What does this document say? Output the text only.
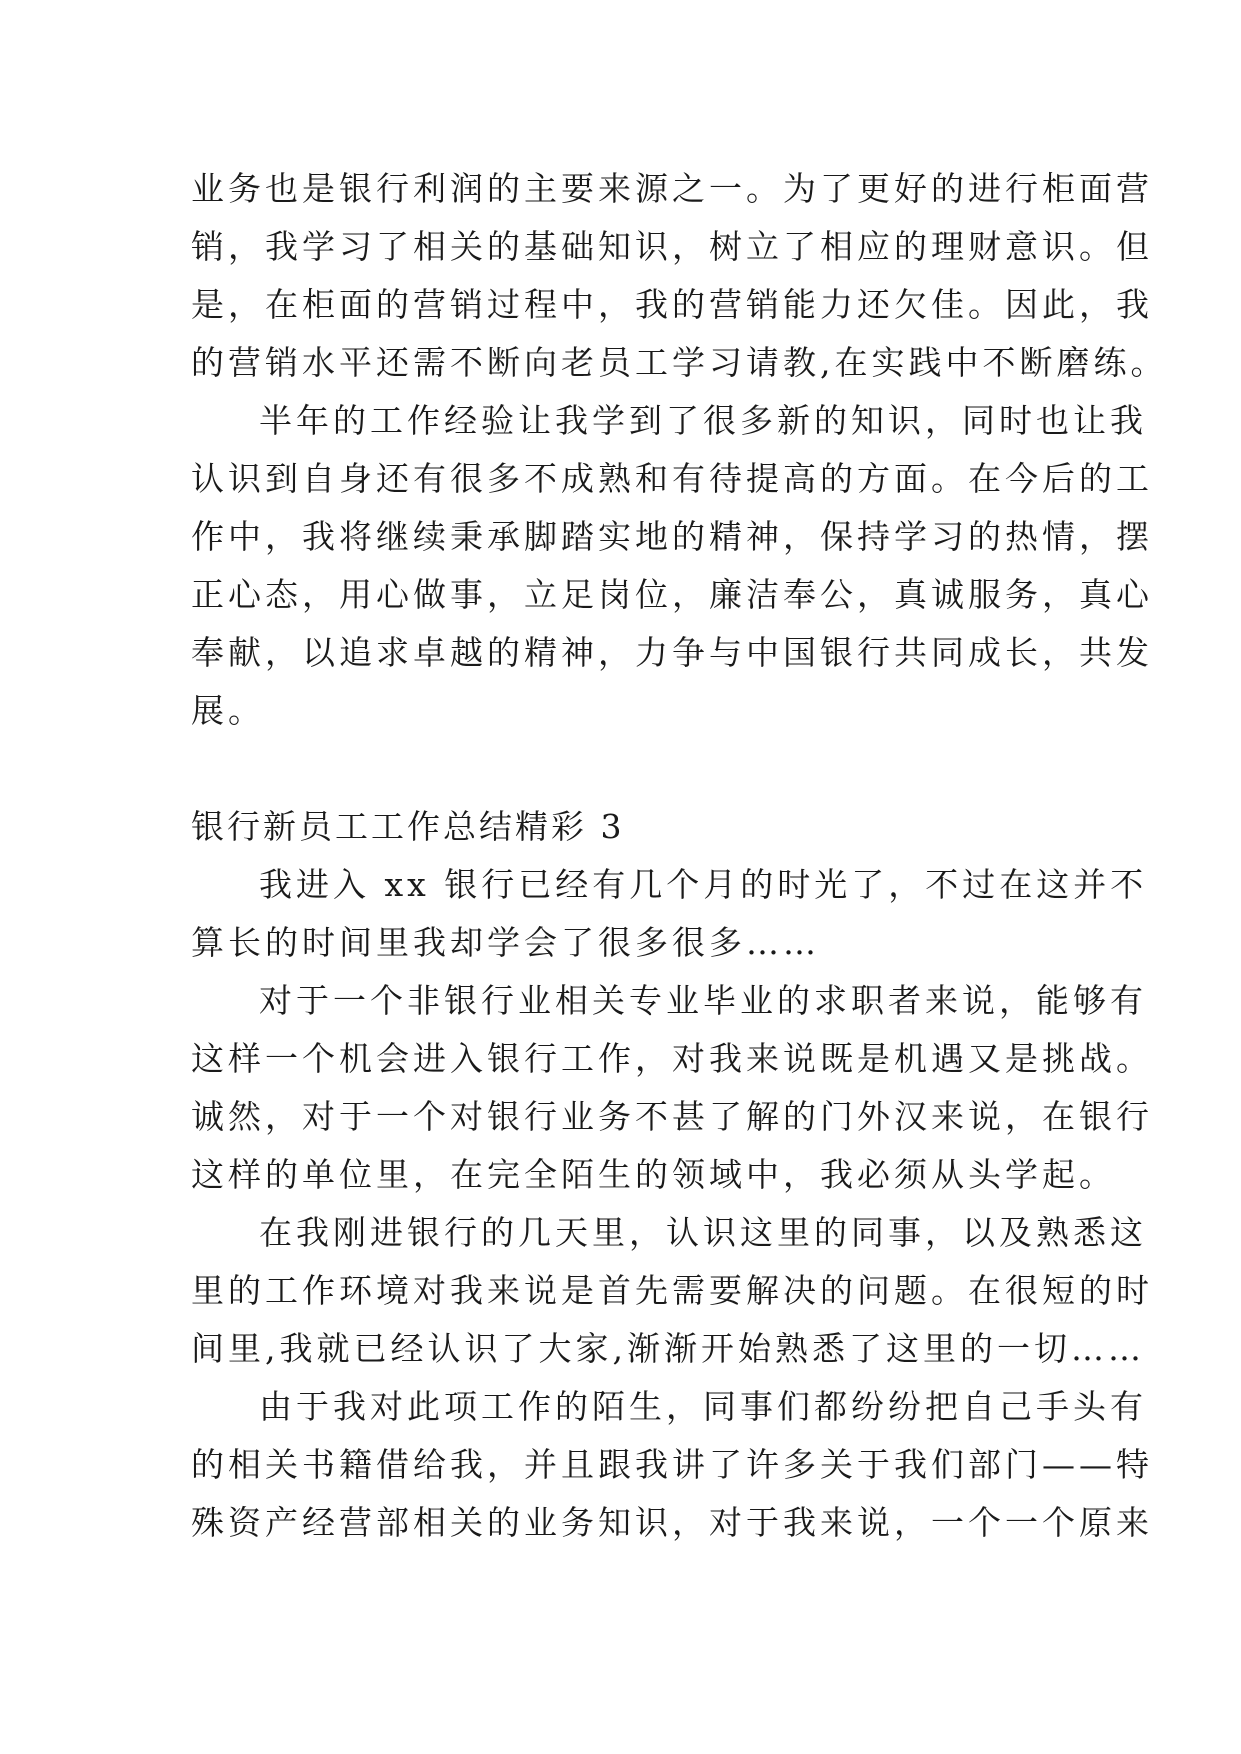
业务也是银行利润的主要来源之一。为了更好的进行柜面营
销，我学习了相关的基础知识，树立了相应的理财意识。但
是，在柜面的营销过程中，我的营销能力还欠佳。因此，我
的营销水平还需不断向老员工学习请教,在实践中不断磨练。
半年的工作经验让我学到了很多新的知识，同时也让我
认识到自身还有很多不成熟和有待提高的方面。在今后的工
作中，我将继续秉承脚踏实地的精神，保持学习的热情，摆
正心态，用心做事，立足岗位，廉洁奉公，真诚服务，真心
奉献，以追求卓越的精神，力争与中国银行共同成长，共发
展。
银行新员工工作总结精彩 3
我进入 xx 银行已经有几个月的时光了，不过在这并不
算长的时间里我却学会了很多很多……
对于一个非银行业相关专业毕业的求职者来说，能够有
这样一个机会进入银行工作，对我来说既是机遇又是挑战。
诚然，对于一个对银行业务不甚了解的门外汉来说，在银行
这样的单位里，在完全陌生的领域中，我必须从头学起。
在我刚进银行的几天里，认识这里的同事，以及熟悉这
里的工作环境对我来说是首先需要解决的问题。在很短的时
间里,我就已经认识了大家,渐渐开始熟悉了这里的一切……
由于我对此项工作的陌生，同事们都纷纷把自己手头有
的相关书籍借给我，并且跟我讲了许多关于我们部门——特
殊资产经营部相关的业务知识，对于我来说，一个一个原来
